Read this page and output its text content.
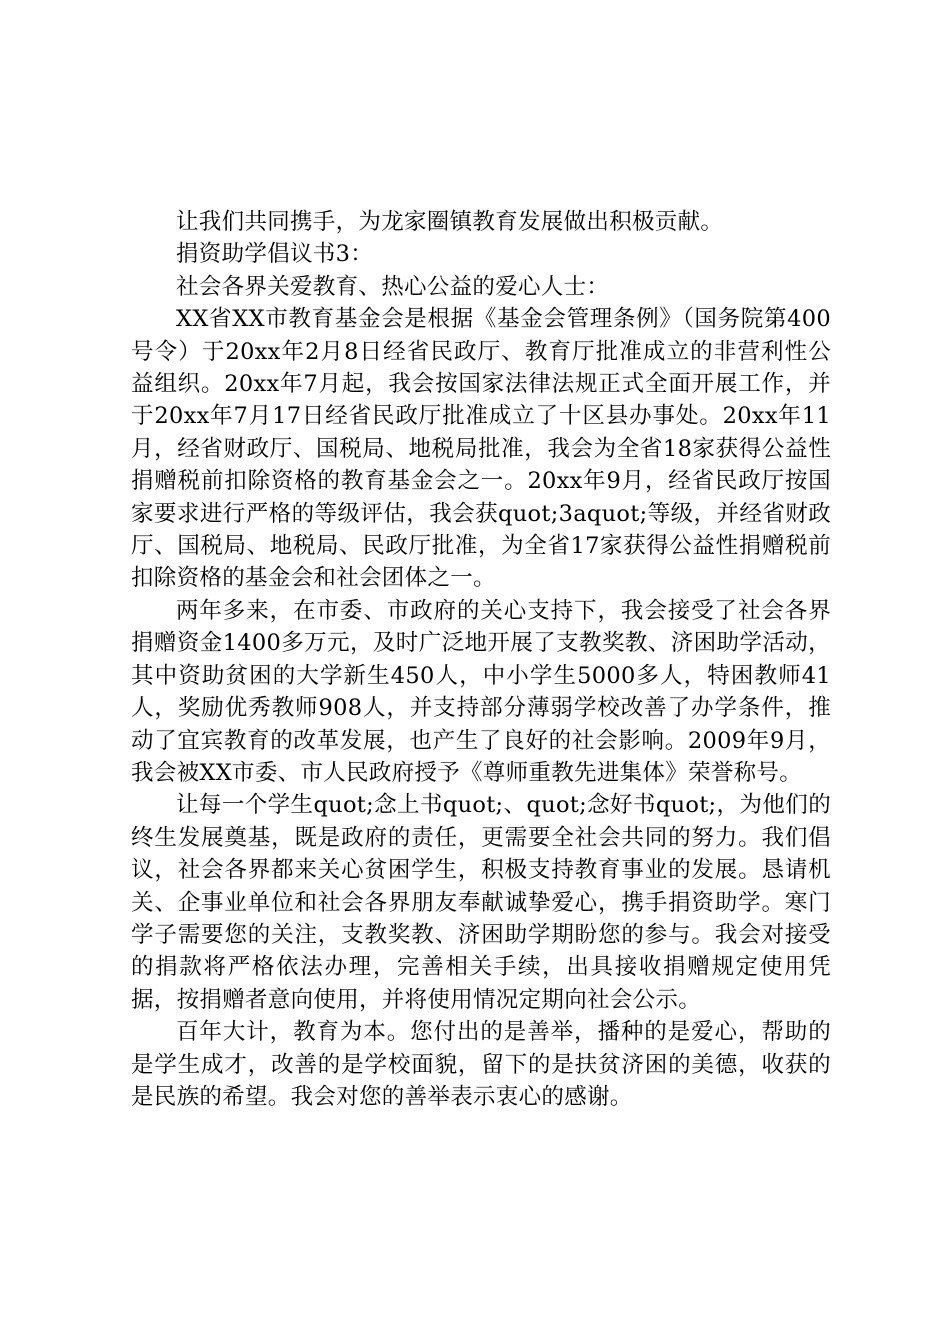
让我们共同携手，为龙家圈镇教育发展做出积极贡献。

捐资助学倡议书3：

社会各界关爱教育、热心公益的爱心人士：

XX省XX市教育基金会是根据《基金会管理条例》（国务院第400号令）于20xx年2月8日经省民政厅、教育厅批准成立的非营利性公益组织。20xx年7月起，我会按国家法律法规正式全面开展工作，并于20xx年7月17日经省民政厅批准成立了十区县办事处。20xx年11月，经省财政厅、国税局、地税局批准，我会为全省18家获得公益性捐赠税前扣除资格的教育基金会之一。20xx年9月，经省民政厅按国家要求进行严格的等级评估，我会获quot;3aquot;等级，并经省财政厅、国税局、地税局、民政厅批准，为全省17家获得公益性捐赠税前扣除资格的基金会和社会团体之一。

两年多来，在市委、市政府的关心支持下，我会接受了社会各界捐赠资金1400多万元，及时广泛地开展了支教奖教、济困助学活动，其中资助贫困的大学新生450人，中小学生5000多人，特困教师41人，奖励优秀教师908人，并支持部分薄弱学校改善了办学条件，推动了宜宾教育的改革发展，也产生了良好的社会影响。2009年9月，我会被XX市委、市人民政府授予《尊师重教先进集体》荣誉称号。

让每一个学生quot;念上书quot;、quot;念好书quot;，为他们的终生发展奠基，既是政府的责任，更需要全社会共同的努力。我们倡议，社会各界都来关心贫困学生，积极支持教育事业的发展。恳请机关、企事业单位和社会各界朋友奉献诚挚爱心，携手捐资助学。寒门学子需要您的关注，支教奖教、济困助学期盼您的参与。我会对接受的捐款将严格依法办理，完善相关手续，出具接收捐赠规定使用凭据，按捐赠者意向使用，并将使用情况定期向社会公示。

百年大计，教育为本。您付出的是善举，播种的是爱心，帮助的是学生成才，改善的是学校面貌，留下的是扶贫济困的美德，收获的是民族的希望。我会对您的善举表示衷心的感谢。
